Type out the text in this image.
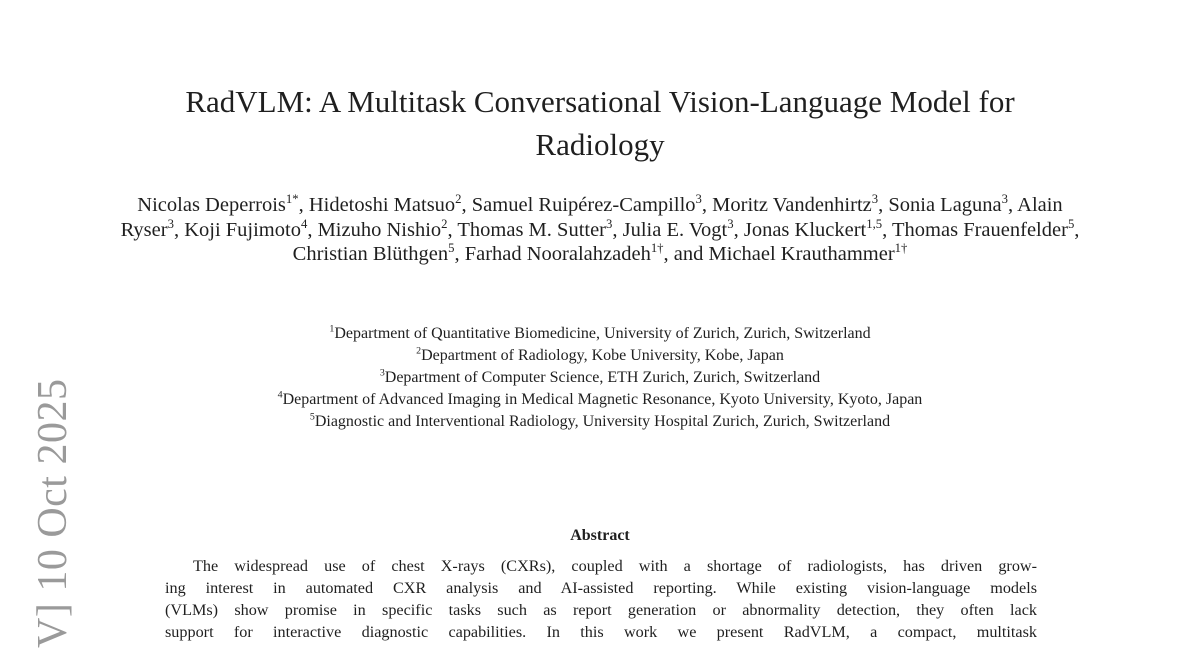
V] 10 Oct 2025
RadVLM: A Multitask Conversational Vision-Language Model for
Radiology
Nicolas Deperrois$^{1*}$, Hidetoshi Matsuo$^2$, Samuel Ruipérez-Campillo$^3$, Moritz Vandenhirtz$^3$, Sonia Laguna$^3$, Alain Ryser$^3$, Koji Fujimoto$^4$, Mizuho Nishio$^2$, Thomas M. Sutter$^3$, Julia E. Vogt$^3$, Jonas Kluckert$^{1,5}$, Thomas Frauenfelder$^5$, Christian Blüthgen$^5$, Farhad Nooralahzadeh$^{1\dagger}$, and Michael Krauthammer$^{1\dagger}$
$^1$Department of Quantitative Biomedicine, University of Zurich, Zurich, Switzerland
$^2$Department of Radiology, Kobe University, Kobe, Japan
$^3$Department of Computer Science, ETH Zurich, Zurich, Switzerland
$^4$Department of Advanced Imaging in Medical Magnetic Resonance, Kyoto University, Kyoto, Japan
$^5$Diagnostic and Interventional Radiology, University Hospital Zurich, Zurich, Switzerland
Abstract
The widespread use of chest X-rays (CXRs), coupled with a shortage of radiologists, has driven grow-
ing interest in automated CXR analysis and AI-assisted reporting. While existing vision-language models
(VLMs) show promise in specific tasks such as report generation or abnormality detection, they often lack
support for interactive diagnostic capabilities. In this work we present RadVLM, a compact, multitask
